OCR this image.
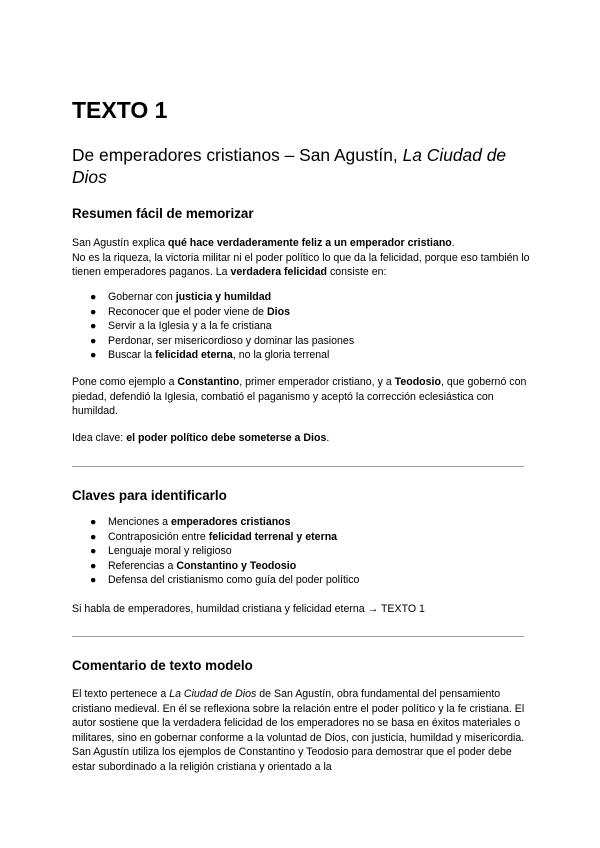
TEXTO 1
De emperadores cristianos – San Agustín, La Ciudad de Dios
Resumen fácil de memorizar

San Agustín explica qué hace verdaderamente feliz a un emperador cristiano.
No es la riqueza, la victoria militar ni el poder político lo que da la felicidad, porque eso también lo tienen emperadores paganos. La verdadera felicidad consiste en:

● Gobernar con justicia y humildad
● Reconocer que el poder viene de Dios
● Servir a la Iglesia y a la fe cristiana
● Perdonar, ser misericordioso y dominar las pasiones
● Buscar la felicidad eterna, no la gloria terrenal

Pone como ejemplo a Constantino, primer emperador cristiano, y a Teodosio, que gobernó con piedad, defendió la Iglesia, combatió el paganismo y aceptó la corrección eclesiástica con humildad.

Idea clave: el poder político debe someterse a Dios.

Claves para identificarlo
● Menciones a emperadores cristianos
● Contraposición entre felicidad terrenal y eterna
● Lenguaje moral y religioso
● Referencias a Constantino y Teodosio
● Defensa del cristianismo como guía del poder político

Si habla de emperadores, humildad cristiana y felicidad eterna → TEXTO 1

Comentario de texto modelo

El texto pertenece a La Ciudad de Dios de San Agustín, obra fundamental del pensamiento cristiano medieval. En él se reflexiona sobre la relación entre el poder político y la fe cristiana. El autor sostiene que la verdadera felicidad de los emperadores no se basa en éxitos materiales o militares, sino en gobernar conforme a la voluntad de Dios, con justicia, humildad y misericordia. San Agustín utiliza los ejemplos de Constantino y Teodosio para demostrar que el poder debe estar subordinado a la religión cristiana y orientado a la
